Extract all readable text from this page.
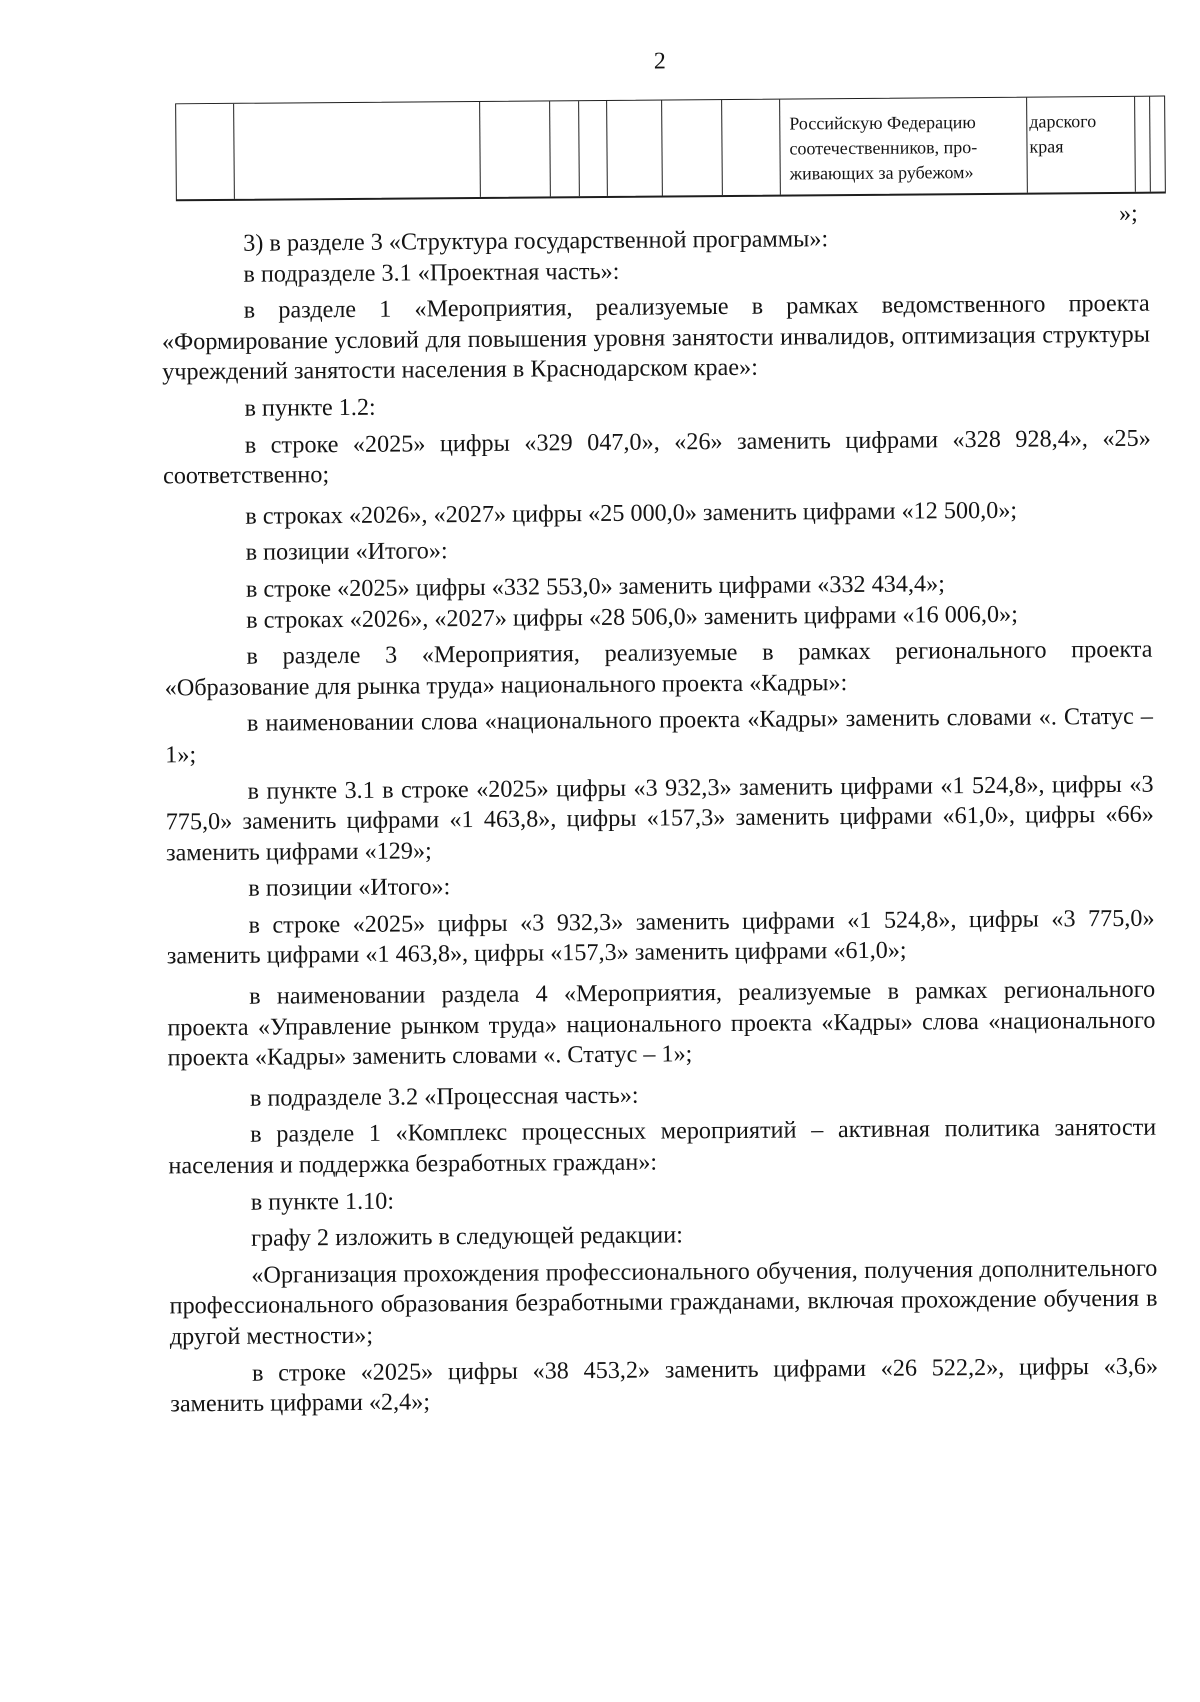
2
Российскую Федерацию соотечественников, про-живающих за рубежом»
дарского края
»;

3) в разделе 3 «Структура государственной программы»:

в подразделе 3.1 «Проектная часть»:

в разделе 1 «Мероприятия, реализуемые в рамках ведомственного проекта «Формирование условий для повышения уровня занятости инвалидов, оптимизация структуры учреждений занятости населения в Краснодарском крае»:

в пункте 1.2:

в строке «2025» цифры «329 047,0», «26» заменить цифрами «328 928,4», «25» соответственно;

в строках «2026», «2027» цифры «25 000,0» заменить цифрами «12 500,0»;

в позиции «Итого»:

в строке «2025» цифры «332 553,0» заменить цифрами «332 434,4»;

в строках «2026», «2027» цифры «28 506,0» заменить цифрами «16 006,0»;

в разделе 3 «Мероприятия, реализуемые в рамках регионального проекта «Образование для рынка труда» национального проекта «Кадры»:

в наименовании слова «национального проекта «Кадры» заменить словами «. Статус – 1»;

в пункте 3.1 в строке «2025» цифры «3 932,3» заменить цифрами «1 524,8», цифры «3 775,0» заменить цифрами «1 463,8», цифры «157,3» заменить цифрами «61,0», цифры «66» заменить цифрами «129»;

в позиции «Итого»:

в строке «2025» цифры «3 932,3» заменить цифрами «1 524,8», цифры «3 775,0» заменить цифрами «1 463,8», цифры «157,3» заменить цифрами «61,0»;

в наименовании раздела 4 «Мероприятия, реализуемые в рамках регионального проекта «Управление рынком труда» национального проекта «Кадры» слова «национального проекта «Кадры» заменить словами «. Статус – 1»;

в подразделе 3.2 «Процессная часть»:

в разделе 1 «Комплекс процессных мероприятий – активная политика занятости населения и поддержка безработных граждан»:

в пункте 1.10:

графу 2 изложить в следующей редакции:

«Организация прохождения профессионального обучения, получения дополнительного профессионального образования безработными гражданами, включая прохождение обучения в другой местности»;

в строке «2025» цифры «38 453,2» заменить цифрами «26 522,2», цифры «3,6» заменить цифрами «2,4»;
